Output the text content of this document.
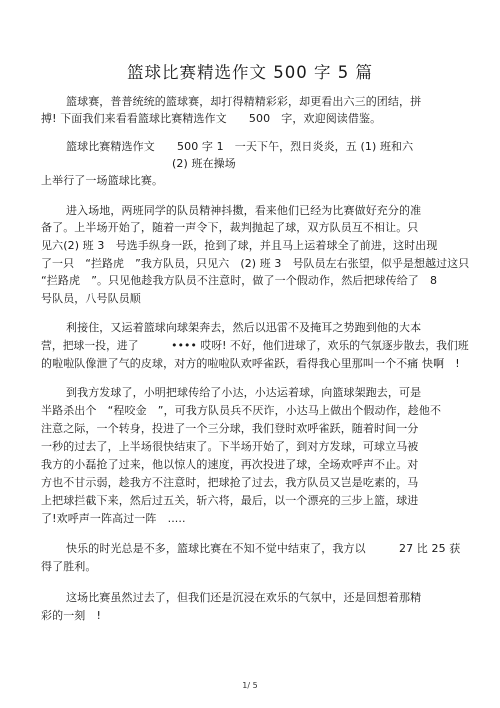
篮球比赛精选作文 500 字 5 篇
篮球赛，普普统统的篮球赛，却打得精精彩彩，却更看出六三的团结，拼
搏! 下面我们来看看篮球比赛精选作文　　500　字，欢迎阅读借鉴。
篮球比赛精选作文　　500 字 1　一天下午，烈日炎炎，五 (1) 班和六
(2) 班在操场
上举行了一场篮球比赛。
进入场地，两班同学的队员精神抖擞，看来他们已经为比赛做好充分的准
备了。上半场开始了，随着一声令下，裁判抛起了球，双方队员互不相让。只
见六(2) 班 3　号选手纵身一跃，抢到了球，并且马上运着球全了前进，这时出现
了一只　“拦路虎　”我方队员，只见六　(2) 班 3　号队员左右张望，似乎是想越过这只
“拦路虎　”。只见他趁我方队员不注意时，做了一个假动作，然后把球传给了　8
号队员，八号队员顺
利接住，又运着篮球向球架奔去，然后以迅雷不及掩耳之势跑到他的大本
营，把球一投，进了　　　•••• 哎呀! 不好，他们进球了，欢乐的气氛逐步散去，我们班
的啦啦队像泄了气的皮球，对方的啦啦队欢呼雀跃，看得我心里那叫一个不痛 快啊　!
到我方发球了，小明把球传给了小达，小达运着球，向篮球架跑去，可是
半路杀出个　“程咬金　”，可我方队员兵不厌诈，小达马上做出个假动作，趁他不
注意之际，一个转身，投进了一个三分球，我们登时欢呼雀跃，随着时间一分
一秒的过去了，上半场很快结束了。下半场开始了，到对方发球，可球立马被
我方的小磊抢了过来，他以惊人的速度，再次投进了球，全场欢呼声不止。对
方也不甘示弱，趁我方不注意时，把球抢了过去，我方队员又岂是吃素的，马
上把球拦截下来，然后过五关，斩六将，最后，以一个漂亮的三步上篮，球进
了!欢呼声一阵高过一阵　.....
快乐的时光总是不多，篮球比赛在不知不觉中结束了，我方以　　　27 比 25 获
得了胜利。
这场比赛虽然过去了，但我们还是沉浸在欢乐的气氛中，还是回想着那精
彩的一刻　!
1/ 5
